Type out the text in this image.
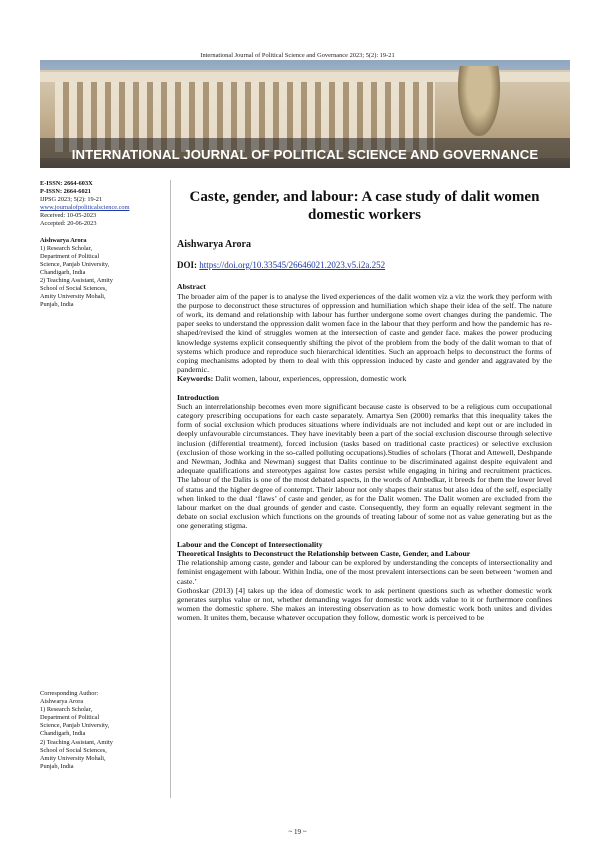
International Journal of Political Science and Governance 2023; 5(2): 19-21
INTERNATIONAL JOURNAL OF POLITICAL SCIENCE AND GOVERNANCE
E-ISSN: 2664-603X
P-ISSN: 2664-6021
IJPSG 2023; 5(2): 19-21
www.journalofpoliticalscience.com
Received: 10-05-2023
Accepted: 20-06-2023
Aishwarya Arora
1) Research Scholar,
Department of Political
Science, Panjab University,
Chandigarh, India
2) Teaching Assistant, Amity
School of Social Sciences,
Amity University Mohali,
Punjab, India
Corresponding Author:
Aishwarya Arora
1) Research Scholar,
Department of Political
Science, Panjab University,
Chandigarh, India
2) Teaching Assistant, Amity
School of Social Sciences,
Amity University Mohali,
Punjab, India
Caste, gender, and labour: A case study of dalit women domestic workers
Aishwarya Arora
DOI: https://doi.org/10.33545/26646021.2023.v5.i2a.252
Abstract

The broader aim of the paper is to analyse the lived experiences of the dalit women viz a viz the work they perform with the purpose to deconstruct these structures of oppression and humiliation which shape their idea of the self. The nature of work, its demand and relationship with labour has further undergone some overt changes during the pandemic. The paper seeks to understand the oppression dalit women face in the labour that they perform and how the pandemic has re-shaped/revised the kind of struggles women at the intersection of caste and gender face. makes the power producing knowledge systems explicit consequently shifting the pivot of the problem from the body of the dalit woman to that of systems which produce and reproduce such hierarchical identities. Such an approach helps to deconstruct the forms of coping mechanisms adopted by them to deal with this oppression induced by caste and gender and aggravated by the pandemic.

Keywords: Dalit women, labour, experiences, oppression, domestic work

Introduction

Such an interrelationship becomes even more significant because caste is observed to be a religious cum occupational category prescribing occupations for each caste separately. Amartya Sen (2000) remarks that this inequality takes the form of social exclusion which produces situations where individuals are not included and kept out or are included in deeply unfavourable circumstances. They have inevitably been a part of the social exclusion discourse through selective inclusion (differential treatment), forced inclusion (tasks based on traditional caste practices) or selective exclusion (exclusion of those working in the so-called polluting occupations).Studies of scholars (Thorat and Attewell, Deshpande and Newman, Jodhka and Newman) suggest that Dalits continue to be discriminated against despite equivalent and adequate qualifications and stereotypes against low castes persist while engaging in hiring and recruitment practices. The labour of the Dalits is one of the most debated aspects, in the words of Ambedkar, it breeds for them the lower level of status and the higher degree of contempt. Their labour not only shapes their status but also idea of the self, especially when linked to the dual ‘flaws’ of caste and gender, as for the Dalit women. The Dalit women are excluded from the labour market on the dual grounds of gender and caste. Consequently, they form an equally relevant segment in the debate on social exclusion which functions on the grounds of treating labour of some not as value generating but as the one generating stigma.

Labour and the Concept of Intersectionality
Theoretical Insights to Deconstruct the Relationship between Caste, Gender, and Labour

The relationship among caste, gender and labour can be explored by understanding the concepts of intersectionality and feminist engagement with labour. Within India, one of the most prevalent intersections can be seen between ‘women and caste.’

Gothoskar (2013) [4] takes up the idea of domestic work to ask pertinent questions such as whether domestic work generates surplus value or not, whether demanding wages for domestic work adds value to it or furthermore confines women the domestic sphere. She makes an interesting observation as to how domestic work both unites and divides women. It unites them, because whatever occupation they follow, domestic work is perceived to be

~ 19 ~
